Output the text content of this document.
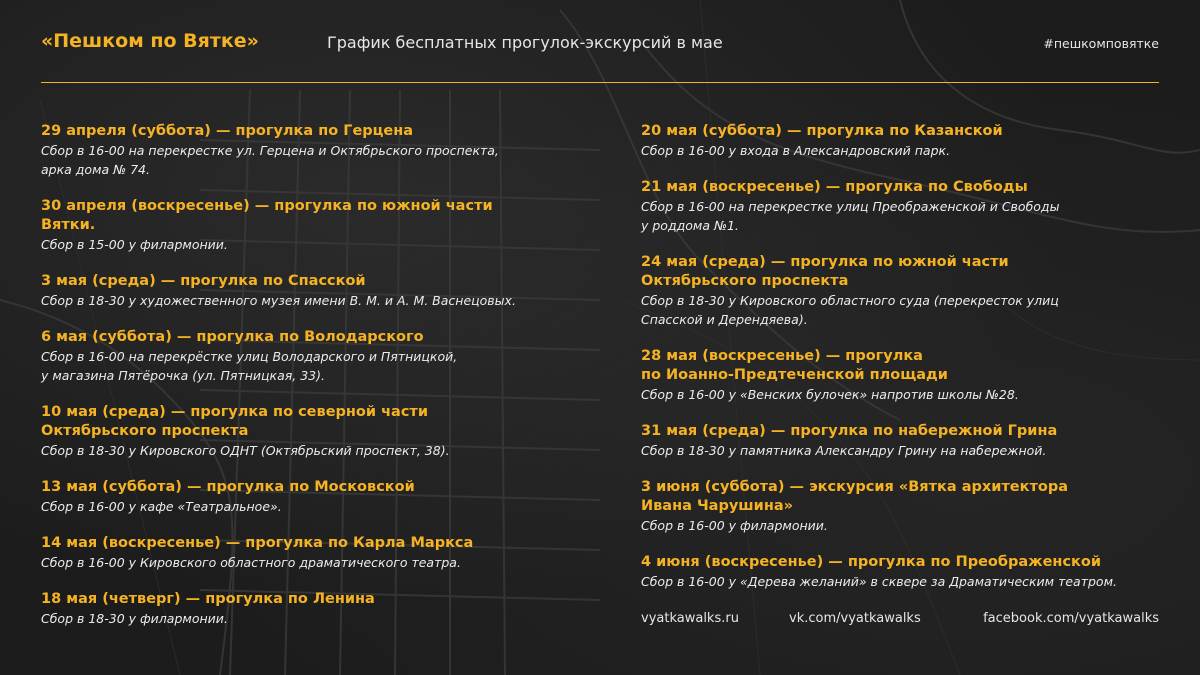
«Пешком по Вятке»	График бесплатных прогулок-экскурсий в мае	#пешкомповятке
29 апреля (суббота) — прогулка по Герцена
Сбор в 16-00 на перекрестке ул. Герцена и Октябрьского проспекта,
арка дома № 74.
30 апреля (воскресенье) — прогулка по южной части
Вятки.
Сбор в 15-00 у филармонии.
3 мая (среда) — прогулка по Спасской
Сбор в 18-30 у художественного музея имени В. М. и А. М. Васнецовых.
6 мая (суббота) — прогулка по Володарского
Сбор в 16-00 на перекрёстке улиц Володарского и Пятницкой,
у магазина Пятёрочка (ул. Пятницкая, 33).
10 мая (среда) — прогулка по северной части
Октябрьского проспекта
Сбор в 18-30 у Кировского ОДНТ (Октябрьский проспект, 38).
13 мая (суббота) — прогулка по Московской
Сбор в 16-00 у кафе «Театральное».
14 мая (воскресенье) — прогулка по Карла Маркса
Сбор в 16-00 у Кировского областного драматического театра.
18 мая (четверг) — прогулка по Ленина
Сбор в 18-30 у филармонии.
20 мая (суббота) — прогулка по Казанской
Сбор в 16-00 у входа в Александровский парк.
21 мая (воскресенье) — прогулка по Свободы
Сбор в 16-00 на перекрестке улиц Преображенской и Свободы
у роддома №1.
24 мая (среда) — прогулка по южной части
Октябрьского проспекта
Сбор в 18-30 у Кировского областного суда (перекресток улиц
Спасской и Дерендяева).
28 мая (воскресенье) — прогулка
по Иоанно-Предтеченской площади
Сбор в 16-00 у «Венских булочек» напротив школы №28.
31 мая (среда) — прогулка по набережной Грина
Сбор в 18-30 у памятника Александру Грину на набережной.
3 июня (суббота) — экскурсия «Вятка архитектора
Ивана Чарушина»
Сбор в 16-00 у филармонии.
4 июня (воскресенье) — прогулка по Преображенской
Сбор в 16-00 у «Дерева желаний» в сквере за Драматическим театром.
vyatkawalks.ru	vk.com/vyatkawalks	facebook.com/vyatkawalks
